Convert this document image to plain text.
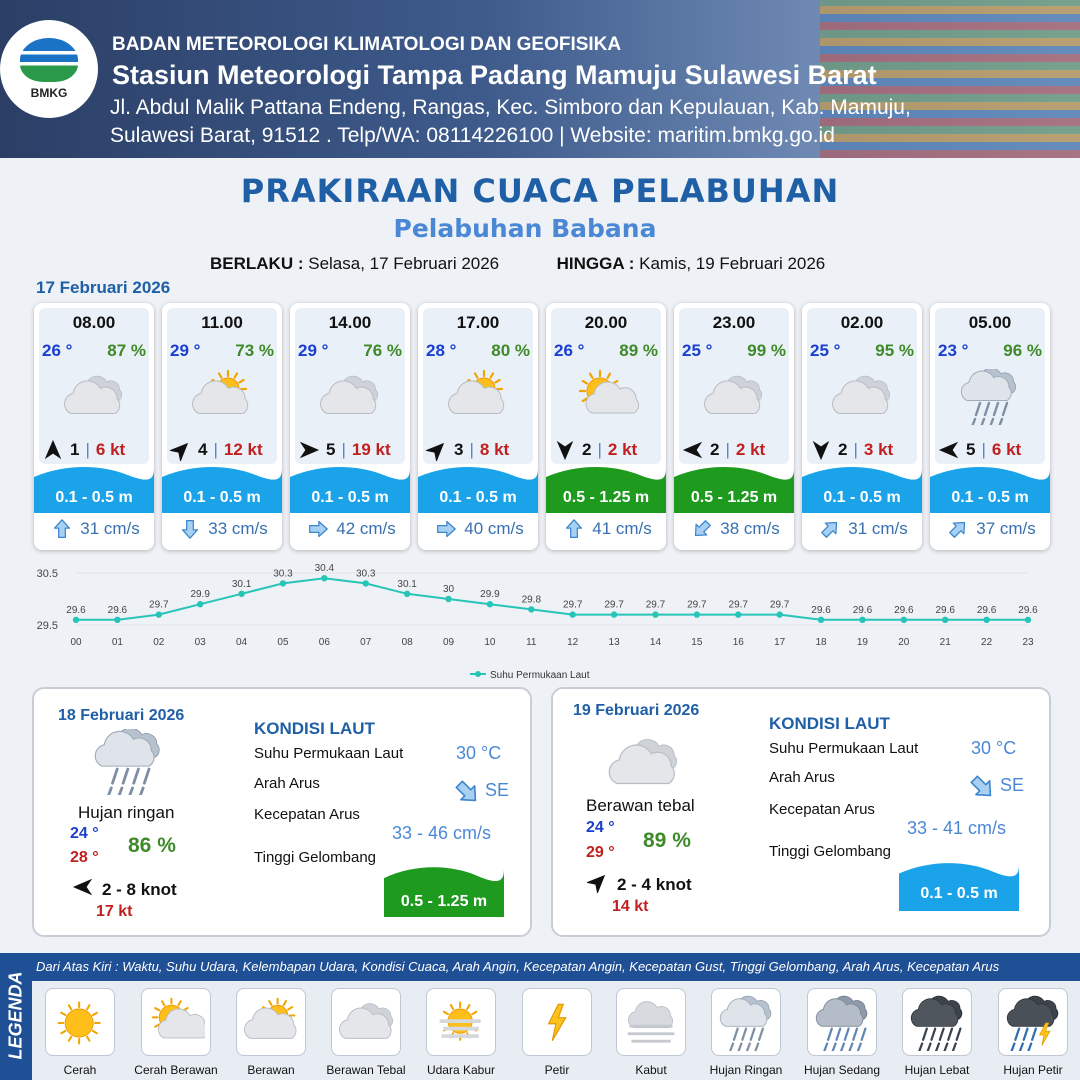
BMKG
BADAN METEOROLOGI KLIMATOLOGI DAN GEOFISIKA
Stasiun Meteorologi Tampa Padang Mamuju Sulawesi Barat
Jl. Abdul Malik Pattana Endeng, Rangas, Kec. Simboro dan Kepulauan, Kab. Mamuju,
Sulawesi Barat, 91512 . Telp/WA: 08114226100 | Website: maritim.bmkg.go.id
PRAKIRAAN CUACA PELABUHAN
Pelabuhan Babana
BERLAKU : Selasa, 17 Februari 2026	HINGGA : Kamis, 19 Februari 2026
17 Februari 2026
08.00
26 ° 87 %
1 | 6 kt
0.1 - 0.5 m
31 cm/s
11.00
29 ° 73 %
4 | 12 kt
0.1 - 0.5 m
33 cm/s
14.00
29 ° 76 %
5 | 19 kt
0.1 - 0.5 m
42 cm/s
17.00
28 ° 80 %
3 | 8 kt
0.1 - 0.5 m
40 cm/s
20.00
26 ° 89 %
2 | 2 kt
0.5 - 1.25 m
41 cm/s
23.00
25 ° 99 %
2 | 2 kt
0.5 - 1.25 m
38 cm/s
02.00
25 ° 95 %
2 | 3 kt
0.1 - 0.5 m
31 cm/s
05.00
23 ° 96 %
5 | 6 kt
0.1 - 0.5 m
37 cm/s
30.5
29.5
29.6
00
29.6
01
29.7
02
29.9
03
30.1
04
30.3
05
30.4
06
30.3
07
30.1
08
30
09
29.9
10
29.8
11
29.7
12
29.7
13
29.7
14
29.7
15
29.7
16
29.7
17
29.6
18
29.6
19
29.6
20
29.6
21
29.6
22
29.6
23
Suhu Permukaan Laut
18 Februari 2026
Hujan ringan
24 °
28 °
86 %
2 - 8 knot
17 kt
KONDISI LAUT
Suhu Permukaan Laut	30 °C
Arah Arus	SE
Kecepatan Arus
33 - 46 cm/s
Tinggi Gelombang
0.5 - 1.25 m
19 Februari 2026
Berawan tebal
24 °
29 °
89 %
2 - 4 knot
14 kt
KONDISI LAUT
Suhu Permukaan Laut	30 °C
Arah Arus	SE
Kecepatan Arus
33 - 41 cm/s
Tinggi Gelombang
0.1 - 0.5 m
LEGENDA
Dari Atas Kiri : Waktu, Suhu Udara, Kelembapan Udara, Kondisi Cuaca, Arah Angin, Kecepatan Angin, Kecepatan Gust, Tinggi Gelombang, Arah Arus, Kecepatan Arus
Cerah	Cerah Berawan	Berawan	Berawan Tebal	Udara Kabur	Petir	Kabut	Hujan Ringan	Hujan Sedang	Hujan Lebat	Hujan Petir
